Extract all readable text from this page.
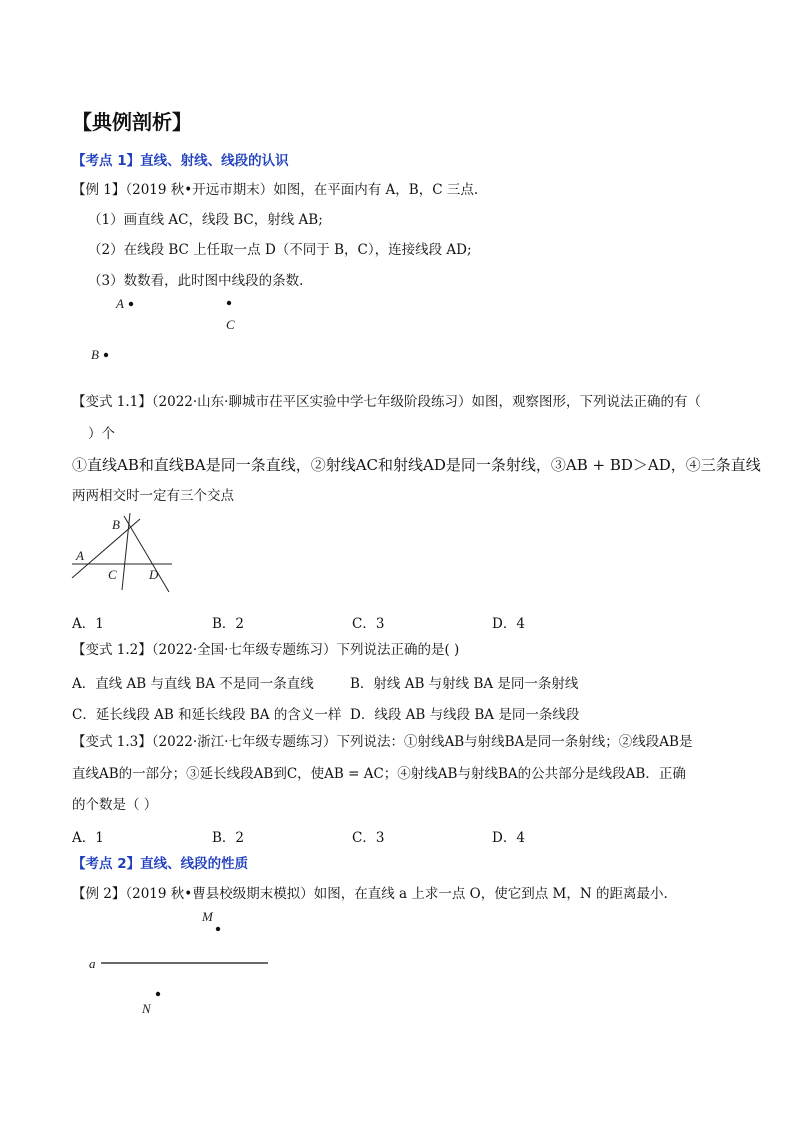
【典例剖析】
【考点 1】直线、射线、线段的认识
【例 1】（2019 秋•开远市期末）如图，在平面内有 A，B，C 三点.
（1）画直线 AC，线段 BC，射线 AB;
（2）在线段 BC 上任取一点 D（不同于 B，C），连接线段 AD;
（3）数数看，此时图中线段的条数.
【变式 1.1】（2022·山东·聊城市茌平区实验中学七年级阶段练习）如图，观察图形，下列说法正确的有（
）个
①直线AB和直线BA是同一条直线，②射线AC和射线AD是同一条射线，③AB + BD＞AD，④三条直线
两两相交时一定有三个交点
A．1	B．2	C．3	D．4
【变式 1.2】（2022·全国·七年级专题练习）下列说法正确的是( )
A．直线 AB 与直线 BA 不是同一条直线	B．射线 AB 与射线 BA 是同一条射线
C．延长线段 AB 和延长线段 BA 的含义一样 D．线段 AB 与线段 BA 是同一条线段
【变式 1.3】（2022·浙江·七年级专题练习）下列说法：①射线AB与射线BA是同一条射线；②线段AB是
直线AB的一部分；③延长线段AB到C，使AB = AC；④射线AB与射线BA的公共部分是线段AB．正确
的个数是（ ）
A．1	B．2	C．3	D．4
【考点 2】直线、线段的性质
【例 2】（2019 秋•曹县校级期末模拟）如图，在直线 a 上求一点 O，使它到点 M，N 的距离最小.
A
C
B
B
A
C D
M
a
N
